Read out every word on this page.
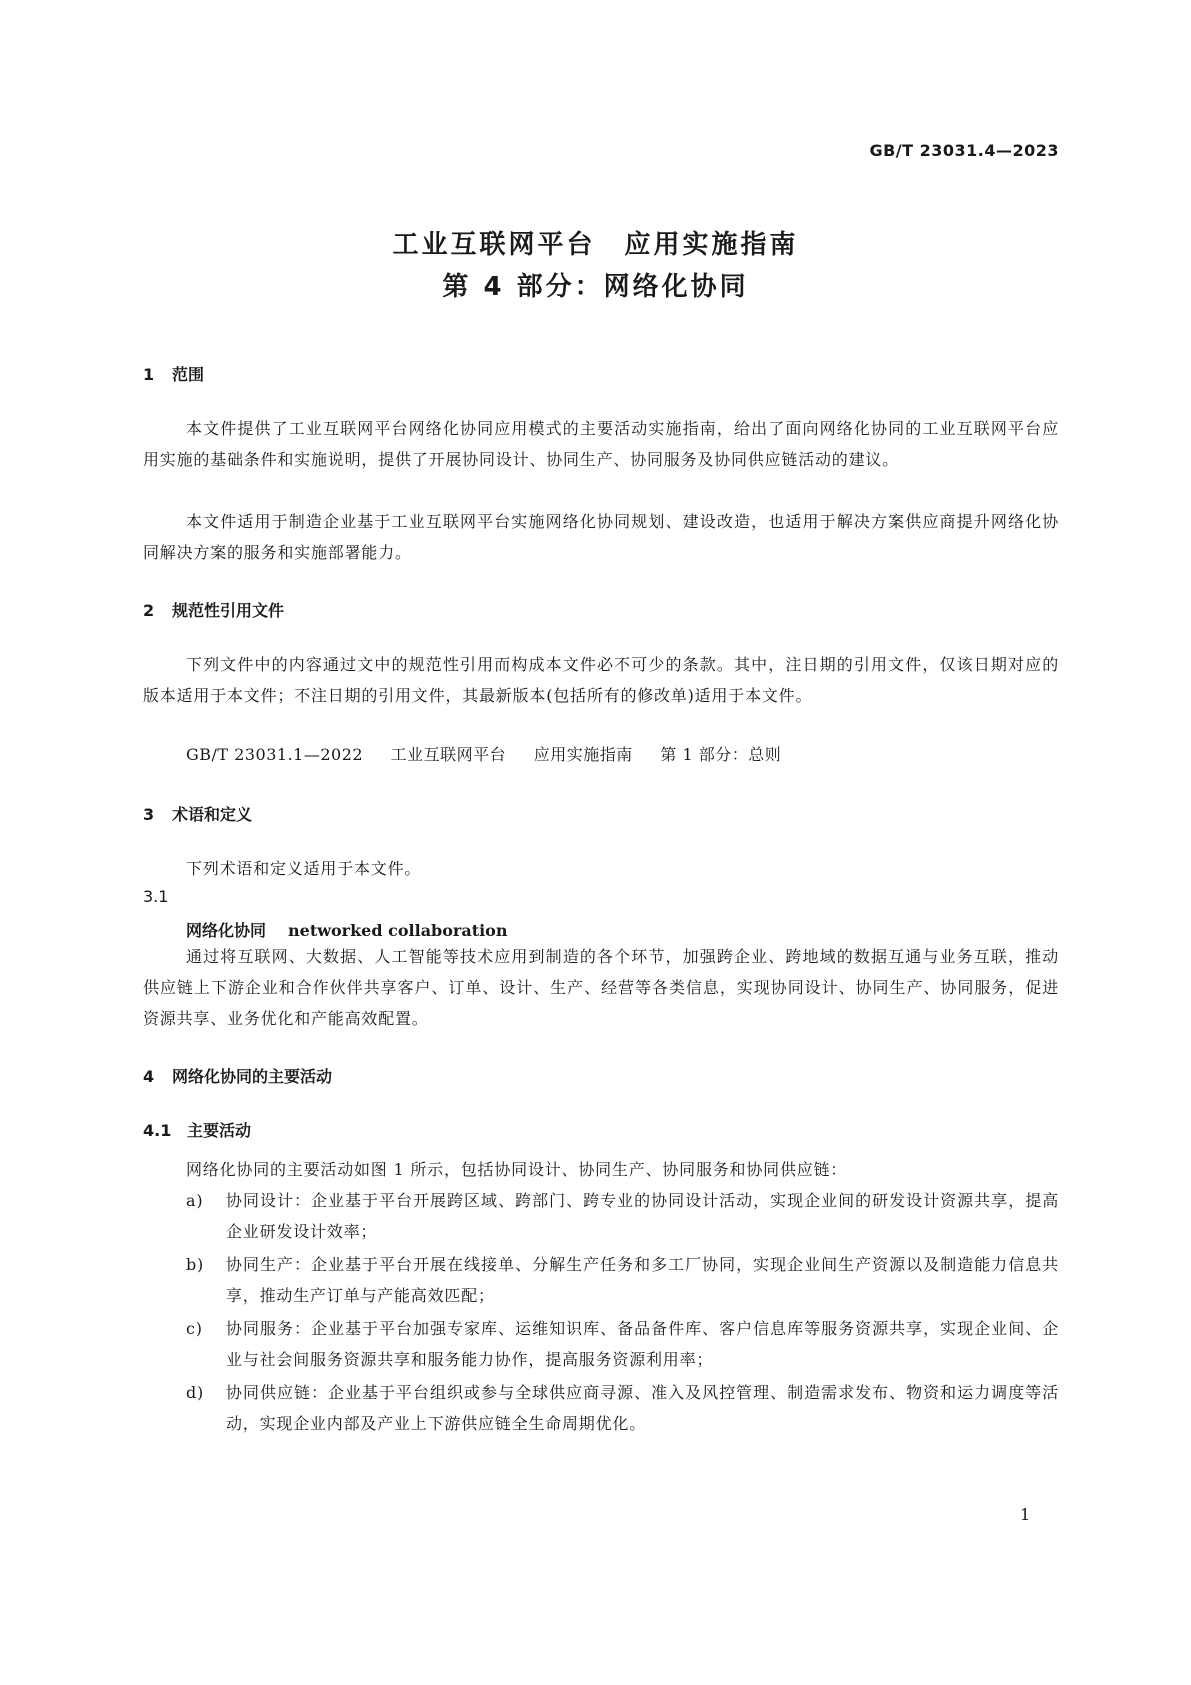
GB/T 23031.4—2023
工业互联网平台　应用实施指南
第 4 部分：网络化协同
1 范围

本文件提供了工业互联网平台网络化协同应用模式的主要活动实施指南，给出了面向网络化协同的工业互联网平台应用实施的基础条件和实施说明，提供了开展协同设计、协同生产、协同服务及协同供应链活动的建议。

本文件适用于制造企业基于工业互联网平台实施网络化协同规划、建设改造，也适用于解决方案供应商提升网络化协同解决方案的服务和实施部署能力。

2 规范性引用文件

下列文件中的内容通过文中的规范性引用而构成本文件必不可少的条款。其中，注日期的引用文件，仅该日期对应的版本适用于本文件；不注日期的引用文件，其最新版本(包括所有的修改单)适用于本文件。

GB/T 23031.1—2022 工业互联网平台 应用实施指南 第 1 部分：总则
3 术语和定义

下列术语和定义适用于本文件。

3.1
网络化协同 networked collaboration

通过将互联网、大数据、人工智能等技术应用到制造的各个环节，加强跨企业、跨地域的数据互通与业务互联，推动供应链上下游企业和合作伙伴共享客户、订单、设计、生产、经营等各类信息，实现协同设计、协同生产、协同服务，促进资源共享、业务优化和产能高效配置。

4 网络化协同的主要活动
4.1 主要活动

网络化协同的主要活动如图 1 所示，包括协同设计、协同生产、协同服务和协同供应链：

a) 协同设计：企业基于平台开展跨区域、跨部门、跨专业的协同设计活动，实现企业间的研发设计资源共享，提高企业研发设计效率；
b) 协同生产：企业基于平台开展在线接单、分解生产任务和多工厂协同，实现企业间生产资源以及制造能力信息共享，推动生产订单与产能高效匹配；
c) 协同服务：企业基于平台加强专家库、运维知识库、备品备件库、客户信息库等服务资源共享，实现企业间、企业与社会间服务资源共享和服务能力协作，提高服务资源利用率；
d) 协同供应链：企业基于平台组织或参与全球供应商寻源、准入及风控管理、制造需求发布、物资和运力调度等活动，实现企业内部及产业上下游供应链全生命周期优化。
1
